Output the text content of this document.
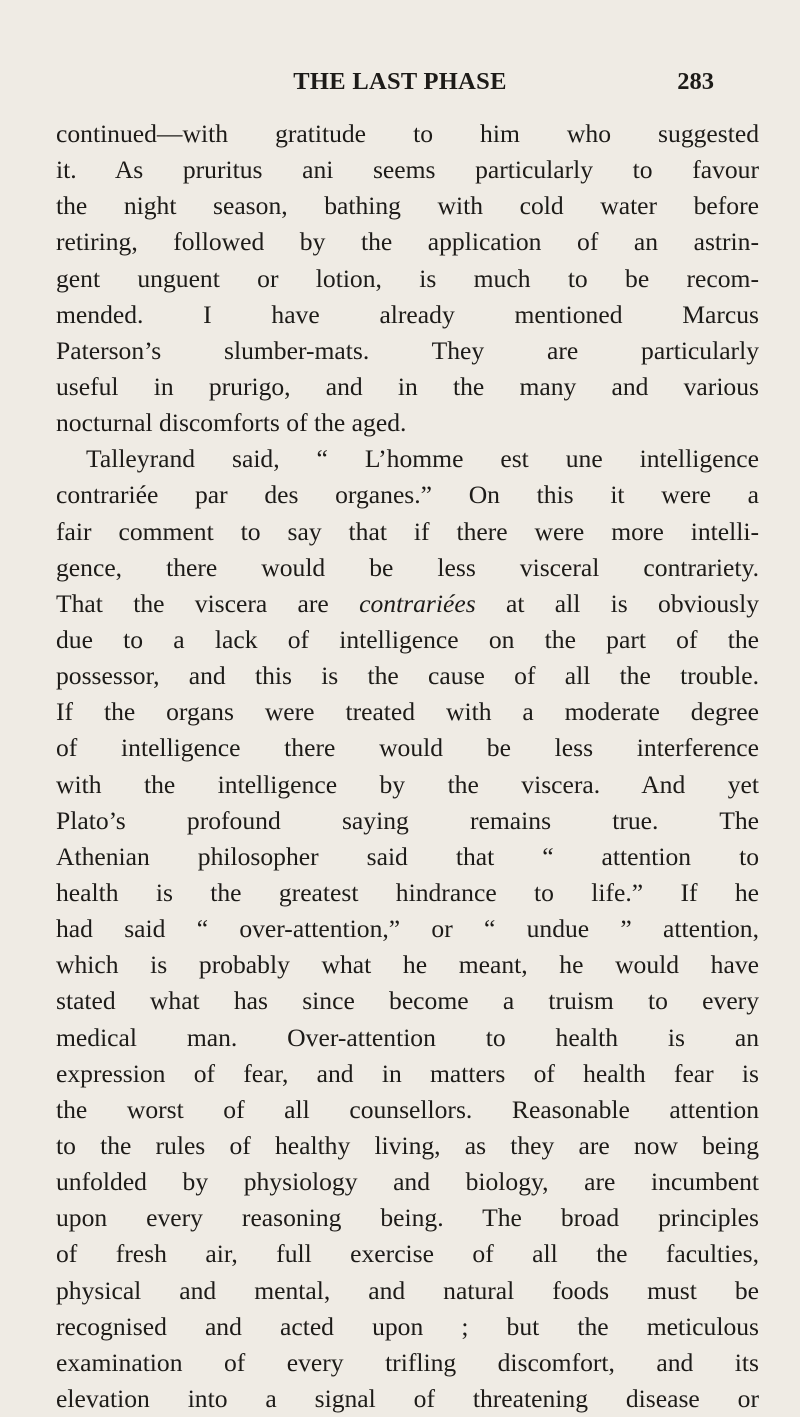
THE LAST PHASE	283
continued—with gratitude to him who suggested
it. As pruritus ani seems particularly to favour
the night season, bathing with cold water before
retiring, followed by the application of an astrin-
gent unguent or lotion, is much to be recom-
mended. I have already mentioned Marcus
Paterson’s slumber-mats. They are particularly
useful in prurigo, and in the many and various
nocturnal discomforts of the aged.
Talleyrand said, “ L’homme est une intelligence
contrariée par des organes.” On this it were a
fair comment to say that if there were more intelli-
gence, there would be less visceral contrariety.
That the viscera are contrariées at all is obviously
due to a lack of intelligence on the part of the
possessor, and this is the cause of all the trouble.
If the organs were treated with a moderate degree
of intelligence there would be less interference
with the intelligence by the viscera. And yet
Plato’s profound saying remains true. The
Athenian philosopher said that “ attention to
health is the greatest hindrance to life.” If he
had said “ over-attention,” or “ undue ” attention,
which is probably what he meant, he would have
stated what has since become a truism to every
medical man. Over-attention to health is an
expression of fear, and in matters of health fear is
the worst of all counsellors. Reasonable attention
to the rules of healthy living, as they are now being
unfolded by physiology and biology, are incumbent
upon every reasoning being. The broad principles
of fresh air, full exercise of all the faculties,
physical and mental, and natural foods must be
recognised and acted upon ; but the meticulous
examination of every trifling discomfort, and its
elevation into a signal of threatening disease or
